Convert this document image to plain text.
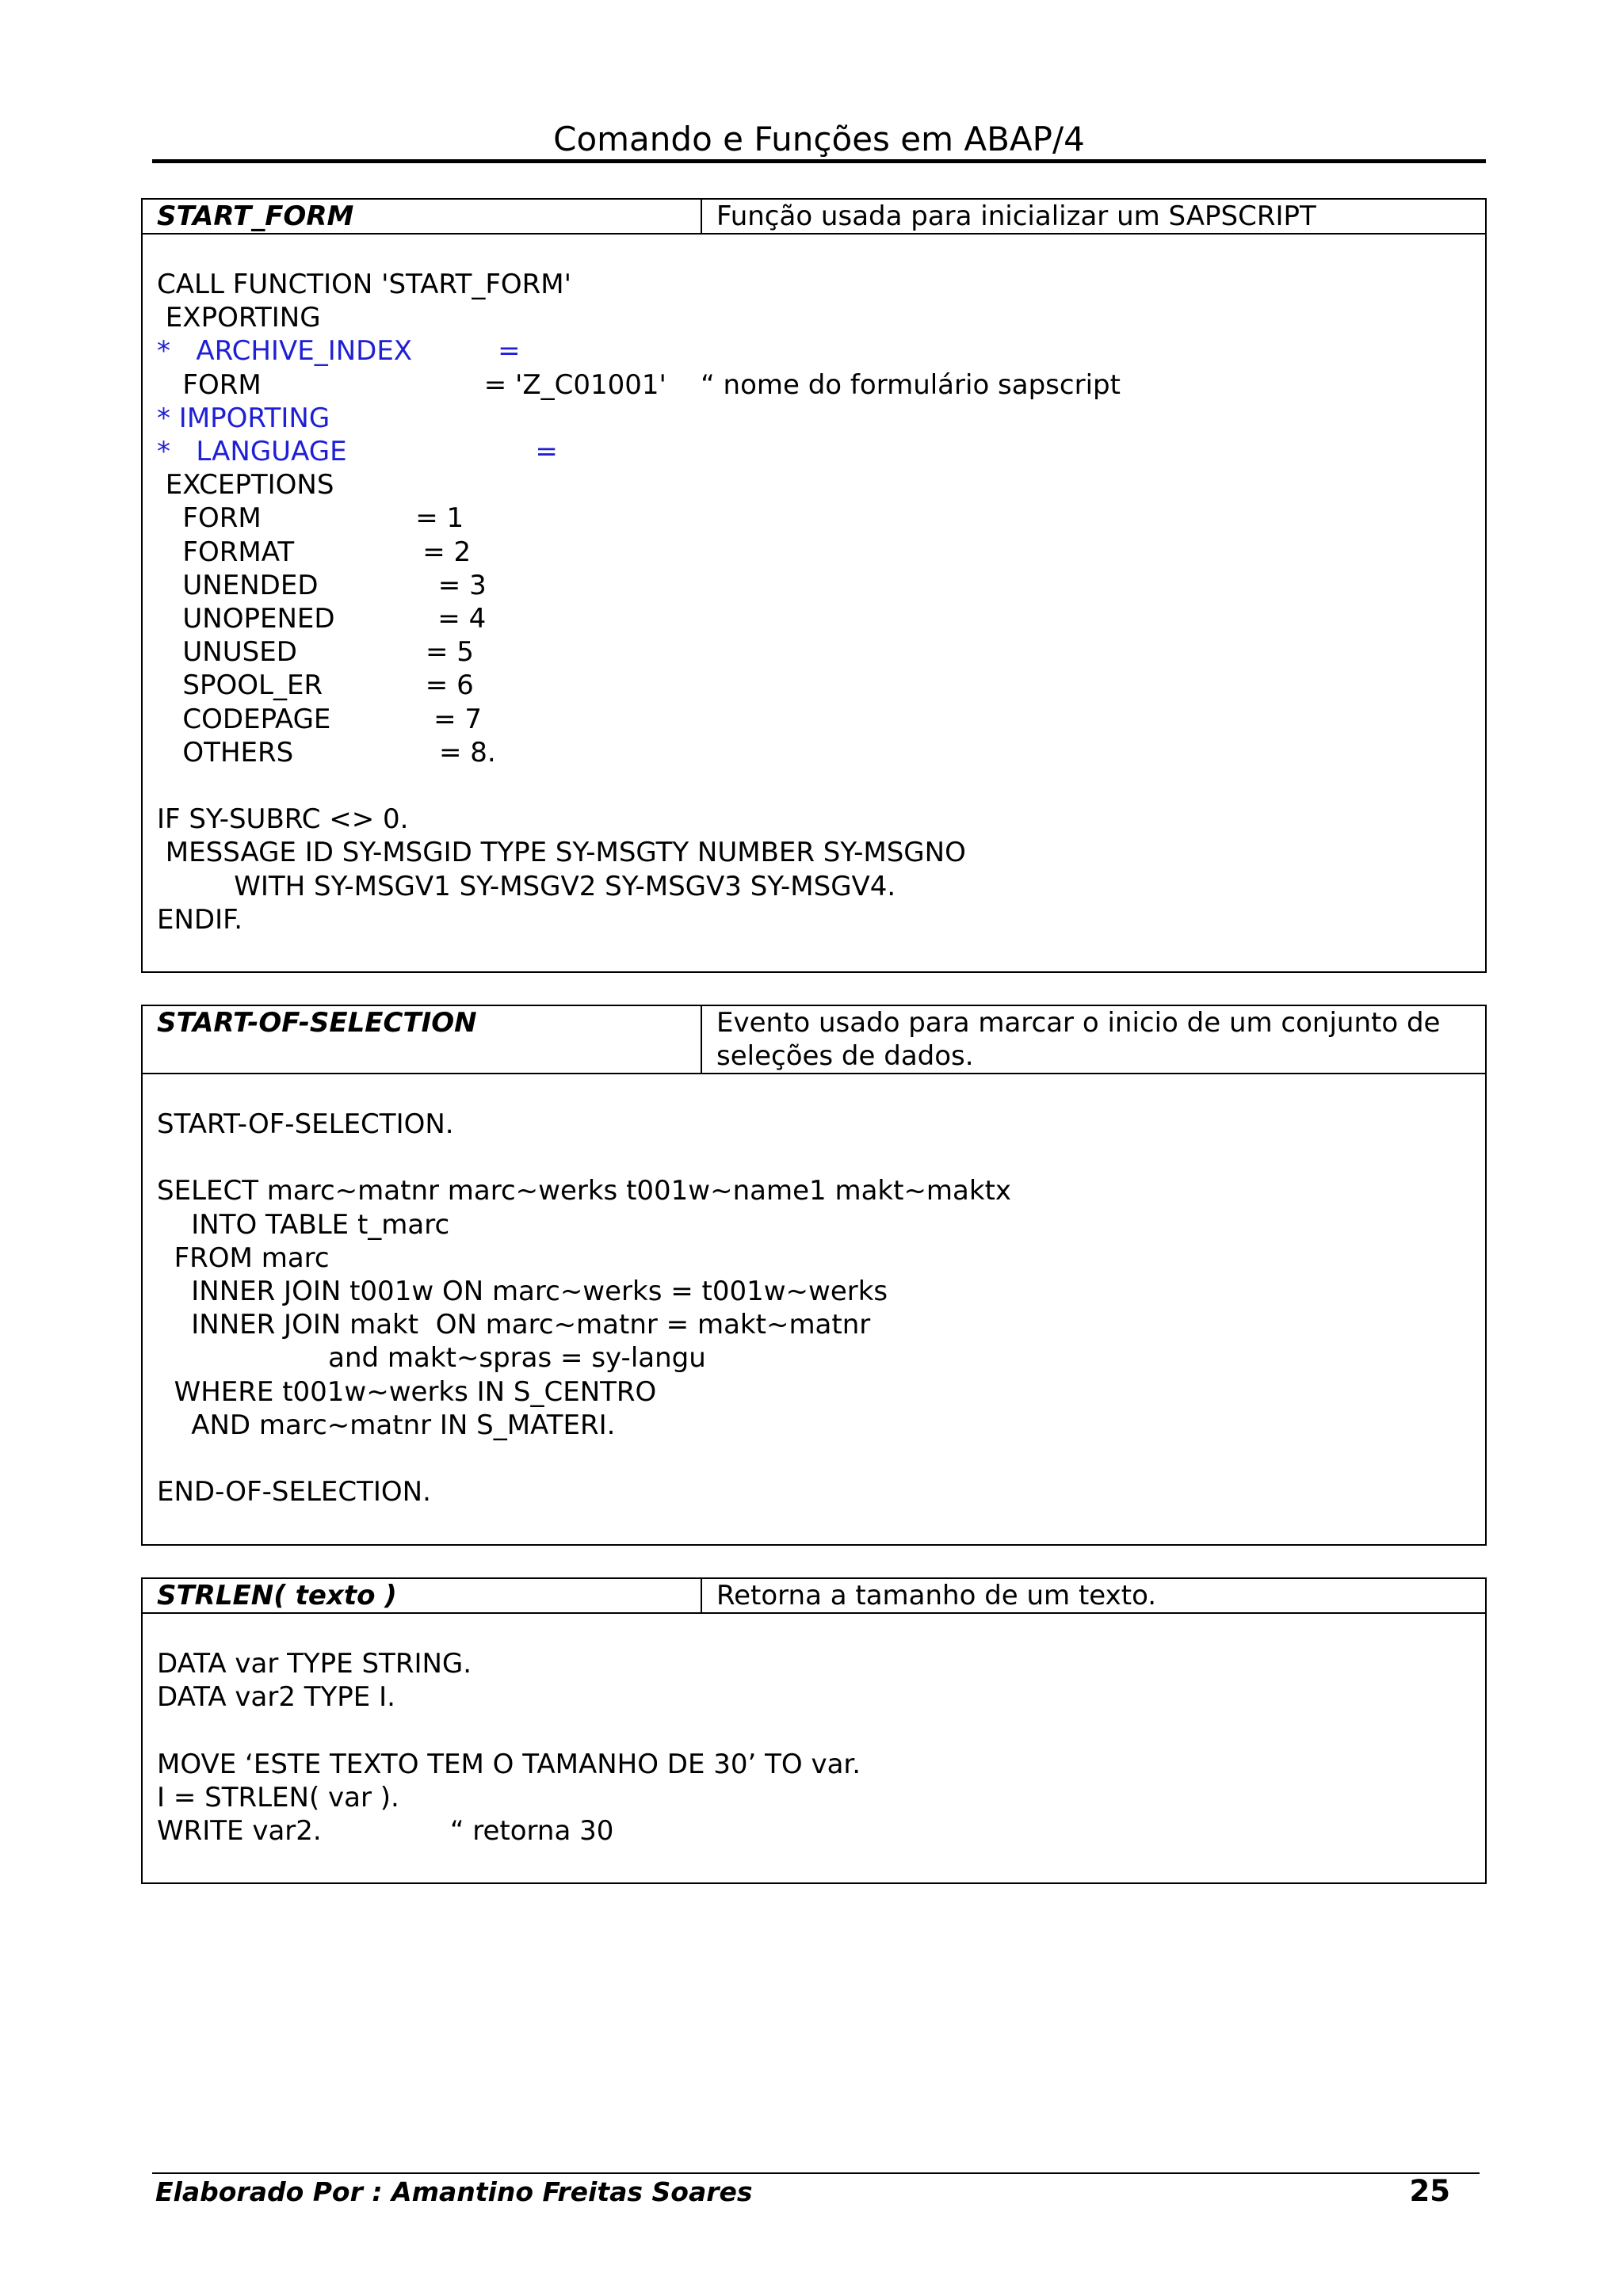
Comando e Funções em ABAP/4
START_FORM	Função usada para inicializar um SAPSCRIPT
CALL FUNCTION 'START_FORM'
EXPORTING
*   ARCHIVE_INDEX          =
FORM                          = 'Z_C01001'    “ nome do formulário sapscript
* IMPORTING
*   LANGUAGE                      =
EXCEPTIONS
FORM                  = 1
FORMAT               = 2
UNENDED              = 3
UNOPENED            = 4
UNUSED               = 5
SPOOL_ER            = 6
CODEPAGE            = 7
OTHERS                 = 8.
IF SY-SUBRC <> 0.
MESSAGE ID SY-MSGID TYPE SY-MSGTY NUMBER SY-MSGNO
WITH SY-MSGV1 SY-MSGV2 SY-MSGV3 SY-MSGV4.
ENDIF.
START-OF-SELECTION	Evento usado para marcar o inicio de um conjunto de seleções de dados.
START-OF-SELECTION.
SELECT marc~matnr marc~werks t001w~name1 makt~maktx
INTO TABLE t_marc
FROM marc
INNER JOIN t001w ON marc~werks = t001w~werks
INNER JOIN makt  ON marc~matnr = makt~matnr
and makt~spras = sy-langu
WHERE t001w~werks IN S_CENTRO
AND marc~matnr IN S_MATERI.
END-OF-SELECTION.
STRLEN( texto )	Retorna a tamanho de um texto.
DATA var TYPE STRING.
DATA var2 TYPE I.
MOVE ‘ESTE TEXTO TEM O TAMANHO DE 30’ TO var.
I = STRLEN( var ).
WRITE var2.               “ retorna 30
Elaborado Por : Amantino Freitas Soares	25
